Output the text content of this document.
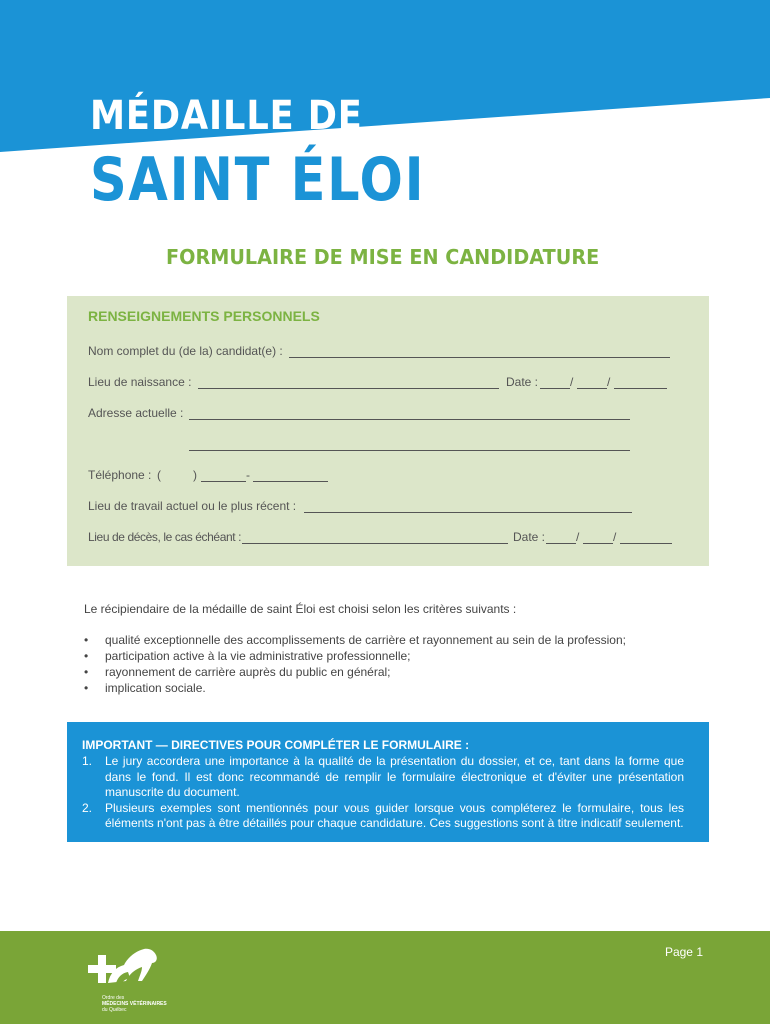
MÉDAILLE DE
SAINT ÉLOI
FORMULAIRE DE MISE EN CANDIDATURE
RENSEIGNEMENTS PERSONNELS
Nom complet du (de la) candidat(e) :
Lieu de naissance :	Date :	/	/
Adresse actuelle :
Téléphone : (	)	-
Lieu de travail actuel ou le plus récent :
Lieu de décès, le cas échéant :	Date :	/	/
Le récipiendaire de la médaille de saint Éloi est choisi selon les critères suivants :
• qualité exceptionnelle des accomplissements de carrière et rayonnement au sein de la profession;
• participation active à la vie administrative professionnelle;
• rayonnement de carrière auprès du public en général;
• implication sociale.
IMPORTANT — DIRECTIVES POUR COMPLÉTER LE FORMULAIRE :
1. Le jury accordera une importance à la qualité de la présentation du dossier, et ce, tant dans la forme que dans le fond. Il est donc recommandé de remplir le formulaire électronique et d'éviter une présentation manuscrite du document.
2. Plusieurs exemples sont mentionnés pour vous guider lorsque vous compléterez le formulaire, tous les éléments n'ont pas à être détaillés pour chaque candidature. Ces suggestions sont à titre indicatif seulement.
Page 1
Ordre des
MÉDECINS VÉTÉRINAIRES
du Québec
